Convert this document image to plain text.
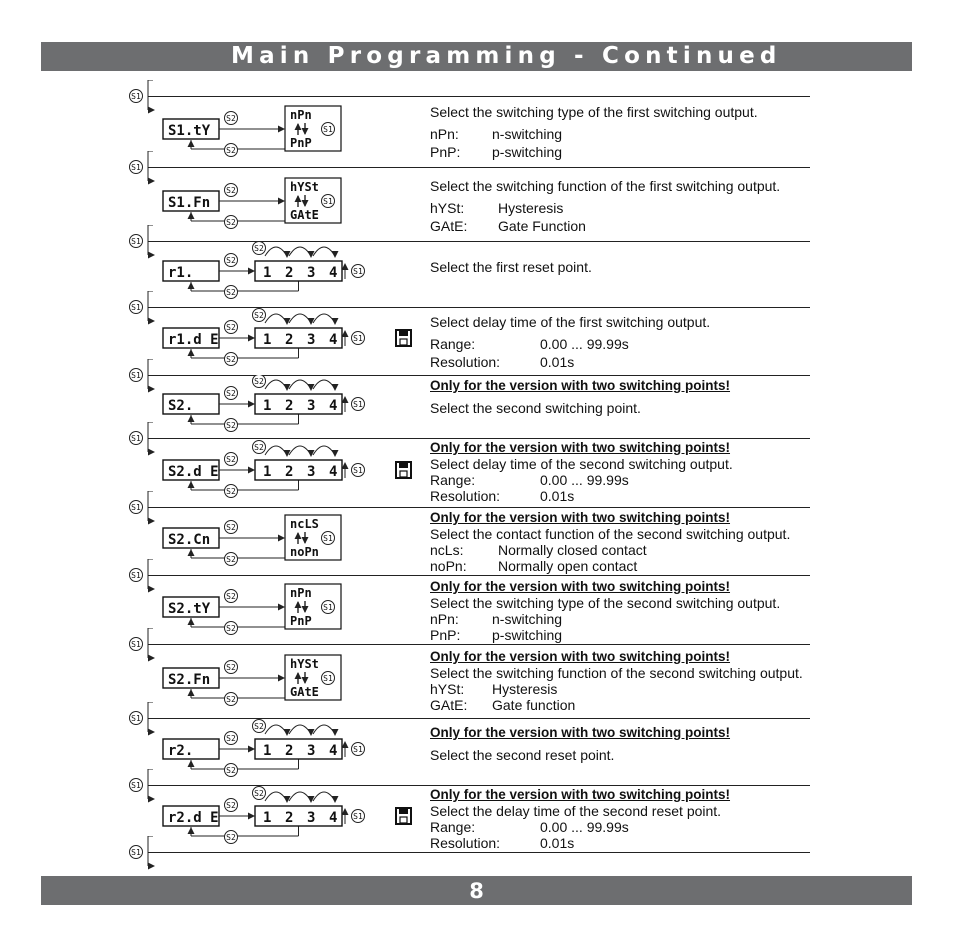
Main Programming - Continued
S1
S1
S1
S1
S1
S1
S1
S1
S1
S1
S1
S1
S1.tY
S2
S2
nPn
PnP
S1
Select the switching type of the first switching output.
nPn: n-switching
PnP: p-switching
S1.Fn
S2
S2
hYSt
GAtE
S1
Select the switching function of the first switching output.
hYSt: Hysteresis
GAtE: Gate Function
r1.
S2
S2
1 2 3 4
S2
S1	Select the first reset point.
r1.d E
S2
S2
1 2 3 4
S2
S1
Select delay time of the first switching output.
Range:	0.00 ... 99.99s
Resolution:	0.01s
S2.
S2
S2
1 2 3 4
S2
S1
Only for the version with two switching points!
Select the second switching point.
S2.d E
S2
S2
1 2 3 4
S2
S1
Only for the version with two switching points!
Select delay time of the second switching output.
Range:	0.00 ... 99.99s
Resolution:	0.01s
S2.Cn
S2
S2
ncLS
noPn
S1
Only for the version with two switching points!
Select the contact function of the second switching output.
ncLs: Normally closed contact
noPn: Normally open contact
S2.tY
S2
S2
nPn
PnP
S1
Only for the version with two switching points!
Select the switching type of the second switching output.
nPn: n-switching
PnP: p-switching
S2.Fn
S2
S2
hYSt
GAtE
S1
Only for the version with two switching points!
Select the switching function of the second switching output.
hYSt: Hysteresis
GAtE: Gate function
r2.
S2
S2
1 2 3 4
S2
S1
Only for the version with two switching points!
Select the second reset point.
r2.d E
S2
S2
1 2 3 4
S2
S1
Only for the version with two switching points!
Select the delay time of the second reset point.
Range:	0.00 ... 99.99s
Resolution:	0.01s
8
